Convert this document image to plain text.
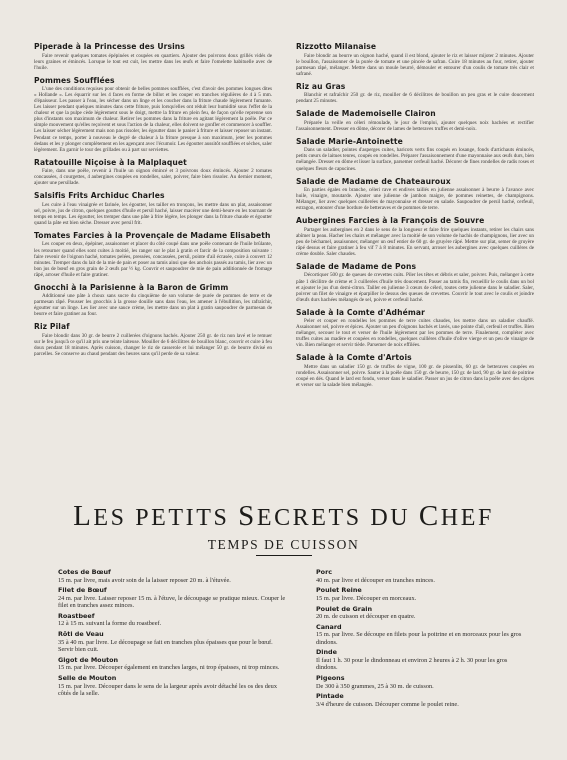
Piperade à la Princesse des Ursins

Faire revenir quelques tomates épépinées et coupées en quartiers. Ajouter des poivrons doux grillés vidés de leurs graines et émincés. Lorsque le tout est cuit, les mettre dans les œufs et faire l'omelette habituelle avec de l'huile.

Pommes Soufflées

L'une des conditions requises pour obtenir de belles pommes soufflées, c'est d'avoir des pommes longues dites « Hollande ». Les équarrir sur les 4 faces en forme de billot et les couper en tranches régulières de 4 à 5 mm. d'épaisseur. Les passer à l'eau, les sécher dans un linge et les coucher dans la friture chaude légèrement fumante. Les laisser pendant quelques minutes dans cette friture, puis lorsqu'elles ont réduit leur humidité sous l'effet de la chaleur et que la pulpe cède légèrement sous le doigt, mettre la friture en plein feu, de façon qu'elle reprenne son plus d'instants son maximum de chaleur. Retirer les pommes dans la friture en agitant légèrement la poêle. Par ce simple mouvement qu'elles reçoivent et sous l'action de la chaleur, elles doivent se gonfler et commencer à souffler. Les laisser sécher légèrement mais non pas rissoler, les égoutter dans le panier à friture et laisser reposer un instant. Pendant ce temps, porter à nouveau le degré de chaleur à la friture presque à son maximum, jeter les pommes dedans et les y plonger complètement en les agençant avec l'écumoir. Les égoutter aussitôt soufflées et sèches, saler légèrement. En garnir le tour des grillades ou à part sur serviettes.

Ratatouille Niçoise à la Malplaquet

Faire, dans une poêle, revenir à l'huile un oignon émincé et 3 poivrons doux émincés. Ajouter 2 tomates concassées, 4 courgettes, 4 aubergines coupées en rondelles, saler, poivrer, faire bien rissoler. Au dernier moment, ajouter une persillade.

Salsifis Frits Archiduc Charles

Les cuire à l'eau vinaigrée et farinée, les égoutter, les tailler en tronçons, les mettre dans un plat, assaisonner sel, poivre, jus de citron, quelques gouttes d'huile et persil haché, laisser macérer une demi-heure en les tournant de temps en temps. Les égoutter, les tremper dans une pâte à frire légère, les plonger dans la friture chaude et égoutter quand la pâte est bien sèche. Dresser avec persil frit.

Tomates Farcies à la Provençale de Madame Elisabeth

Les couper en deux, épépiner, assaisonner et placer du côté coupé dans une poêle contenant de l'huile brûlante, les retourner quand elles sont cuites à moitié, les ranger sur le plat à gratin et farcir de la composition suivante : faire revenir de l'oignon haché, tomates pelées, pressées, concassées, persil, pointe d'ail écrasée, cuire à couvert 12 minutes. Tremper dans du lait de la mie de pain et poser au tamis ainsi que des anchois passés au tamis, lier avec un bon jus de bœuf en gros grain de 2 œufs par ½ kg. Couvrir et saupoudrer de mie de pain additionnée de fromage râpé, arroser d'huile et faire gratiner.

Gnocchi à la Parisienne à la Baron de Grimm

Additionné une pâte à choux sans sucre du cinquième de son volume de purée de pommes de terre et de parmesan râpé. Pousser les gnocchis à la grosse douille sans dans l'eau, les amener à l'ébullition, les rafraîchir, égoutter sur un linge. Les lier avec une sauce crème, les mettre dans un plat à gratin saupoudrer de parmesan de beurre et faire gratiner au four.

Riz Pilaf

Faire blondir dans 30 gr. de beurre 2 cuillerées d'oignons hachés. Ajouter 250 gr. de riz non lavé et le remuer sur le feu jusqu'à ce qu'il ait pris une teinte laiteuse. Mouiller de 6 décilitres de bouillon blanc, couvrir et cuire à feu doux pendant 18 minutes. Après cuisson, changer le riz de casserole et lui mélanger 50 gr. de beurre divisé en parcelles. Se conserve au chaud pendant des heures sans qu'il perde de sa valeur.

Rizzotto Milanaise

Faire blondir au beurre un oignon haché, quand il est blond, ajouter le riz et laisser mijoter 2 minutes. Ajouter le bouillon, l'assaisonner de la purée de tomate et une pincée de safran. Cuire 18 minutes au four, retirer, ajouter parmesan râpé, mélanger. Mettre dans un moule beurré, démouler et entourer d'un coulis de tomate très clair et safrané.

Riz au Gras

Blanchir et rafraîchir 250 gr. de riz, mouiller de 6 décilitres de bouillon un peu gras et le cuire doucement pendant 25 minutes.

Salade de Mademoiselle Clairon

Préparée la veille en céleri rémoulade, le jour de l'emploi, ajouter quelques noix hachées et rectifier l'assaisonnement. Dresser en dôme, décorer de lames de betteraves truffes et demi-noix.

Salade Marie-Antoinette

Dans un saladier, pointes d'asperges cuites, haricots verts fins coupés en losange, fonds d'artichauts émincés, petits cœurs de laitues tenres, coupés en rondelles. Préparer l'assaisonnement d'une mayonnaise aux œufs durs, bien mélangée. Dresser en dôme et lisser la surface, parsemer cerfeuil haché. Décorer de fines rondelles de radis roses et quelques fleurs de capucines.

Salade de Madame de Chateauroux

En parties égales en branche, céleri rave et endives taillés en julienne assaisonner à beurre à l'avance avec huile, vinaigre, moutarde. Ajouter une julienne de jambon maigre, de pommes reinettes, de champignons. Mélanger, lier avec quelques cuillerées de mayonnaise et dresser en salade. Saupoudrer de persil haché, cerfeuil, estragon, entourer d'une bordure de betteraves et de pommes de terre.

Aubergines Farcies à la François de Souvre

Partager les aubergines en 2 dans le sens de la longueur et faire frire quelques instants, retirer les chairs sans abîmer la peau. Hacher les chairs et mélanger avec la moitié de son volume de hachis de champignons, lier avec un peu de béchamel, assaisonner, mélanger un œuf entier de 60 gr. de gruyère râpé. Mettre sur plat, semer de gruyère râpé dessus et faire gratiner à feu vif 7 à 8 minutes. En servant, arroser les aubergines avec quelques cuillères de crème double. Saler chaudes.

Salade de Madame de Pons

Décortiquer 500 gr. de queues de crevettes cuits. Piler les têtes et débris et saler, poivrer. Puis, mélanger à cette pâte 1 décilitre de crème et 3 cuillerées d'huile très doucement. Passer au tamis fin, recueillir le coulis dans un bol et ajouter le jus d'un demi-citron. Tailler en julienne 3 cœurs de céleri, toutes cette julienne dans le saladier. Saler, poivrer un filet de vinaigre et éparpiller le dessus des queues de crevettes. Couvrir le tout avec le coulis et joindre d'œufs durs hachées mélangés de sel, poivre et cerfeuil haché.

Salade à la Comte d'Adhémar

Peler et couper en rondelles les pommes de terre cuites chaudes, les mettre dans un saladier chauffé. Assaisonner sel, poivre et épices. Ajouter un peu d'oignons hachés et lavés, une pointe d'ail, cerfeuil et truffes. Bien mélanger, secouer le tout et verser de l'huile légèrement par les pommes de terre. Finalement, compléter avec truffes cuites au madère et coupées en rondelles, quelques cuillères d'huile d'olive vierge et un peu de vinaigre de vin. Bien mélanger et servir tiède. Parsemer de noix effilées.

Salade à la Comte d'Artois

Mettre dans un saladier 150 gr. de truffes de vigne, 100 gr. de pissenlits, 60 gr. de betteraves coupées en rondelles. Assaisonner sel, poivre. Sauter à la poêle dans 150 gr. de beurre, 150 gr. de lard, 90 gr. de lard de poitrine coupé en dés. Quand le lard est fondu, verser dans le saladier. Passer un jus de citron dans la poêle avec des câpres et verser sur la salade bien mélangée.

LES PETITS SECRETS DU CHEF
TEMPS DE CUISSON
Cotes de Bœuf

15 m. par livre, mais avoir soin de la laisser reposer 20 m. à l'étuvée.

Filet de Bœuf

24 m. par livre. Laisser reposer 15 m. à l'étuve, le découpage se pratique mieux. Couper le filet en tranches assez minces.

Roastbeef

12 à 15 m. suivant la forme du roastbeef.

Rôti de Veau

35 à 40 m. par livre. Le découpage se fait en tranches plus épaisses que pour le bœuf. Servir bien cuit.

Gigot de Mouton

15 m. par livre. Découper également en tranches larges, ni trop épaisses, ni trop minces.

Selle de Mouton

15 m. par livre. Découper dans le sens de la largeur après avoir détaché les os des deux côtés de la selle.

Porc

40 m. par livre et découper en tranches minces.

Poulet Reine

15 m. par livre. Découper en morceaux.

Poulet de Grain

20 m. de cuisson et découper en quatre.

Canard

15 m. par livre. Se découpe en filets pour la poitrine et en morceaux pour les gros dindons.

Dinde

Il faut 1 h. 30 pour le dindonneau et environ 2 heures à 2 h. 30 pour les gros dindons.

Pigeons

De 300 à 350 grammes, 25 à 30 m. de cuisson.

Pintade

3/4 d'heure de cuisson. Découper comme le poulet reine.
